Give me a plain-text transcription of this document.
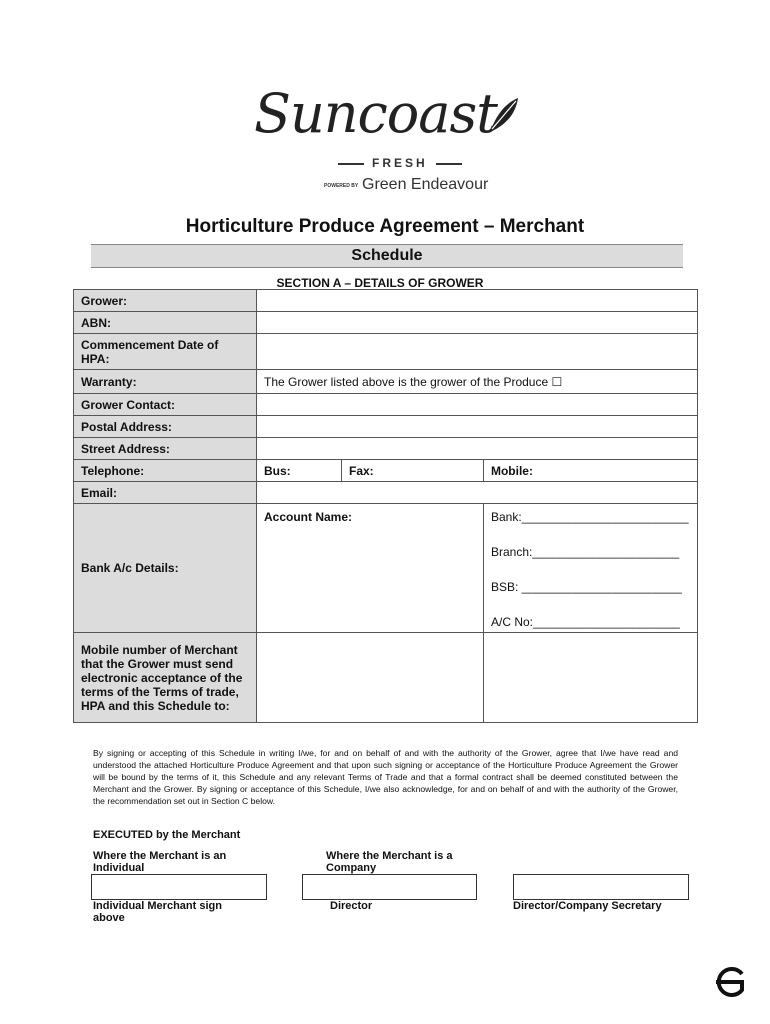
Suncoast
FRESH
POWERED BY Green Endeavour
Horticulture Produce Agreement – Merchant
Schedule
SECTION A – DETAILS OF GROWER
Grower:			
ABN:			
Commencement Date of HPA:			
Warranty:	The Grower listed above is the grower of the Produce ☐		
Grower Contact:			
Postal Address:			
Street Address:			
Telephone:	Bus:	Fax:	Mobile:
Email:			
Bank A/c Details:	Account Name:		Bank:_________________________
Branch:______________________
BSB: ________________________
A/C No:______________________

Mobile number of Merchant that the Grower must send electronic acceptance of the terms of the Terms of trade, HPA and this Schedule to:			
By signing or accepting of this Schedule in writing I/we, for and on behalf of and with the authority of the Grower, agree that I/we have read and understood the attached Horticulture Produce Agreement and that upon such signing or acceptance of the Horticulture Produce Agreement the Grower will be bound by the terms of it, this Schedule and any relevant Terms of Trade and that a formal contract shall be deemed constituted between the Merchant and the Grower. By signing or acceptance of this Schedule, I/we also acknowledge, for and on behalf of and with the authority of the Grower, the recommendation set out in Section C below.
EXECUTED by the Merchant
Where the Merchant is an Individual
Where the Merchant is a Company
Individual Merchant sign above
Director	Director/Company Secretary
